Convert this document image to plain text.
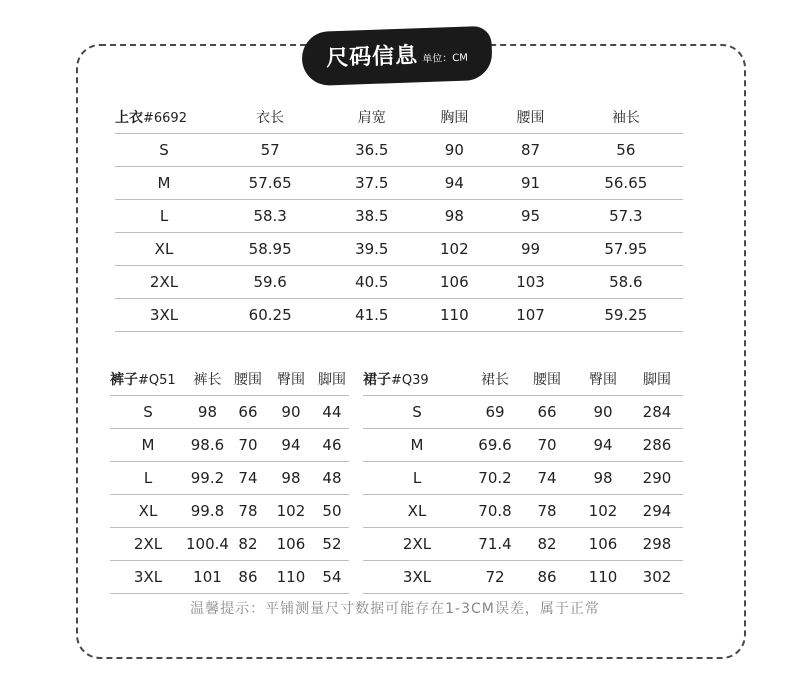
尺码信息 单位：CM
上衣#6692	衣长	肩宽	胸围	腰围	袖长
S	57	36.5	90	87	56
M	57.65	37.5	94	91	56.65
L	58.3	38.5	98	95	57.3
XL	58.95	39.5	102	99	57.95
2XL	59.6	40.5	106	103	58.6
3XL	60.25	41.5	110	107	59.25
裤子#Q51	裤长	腰围	臀围	脚围
S	98	66	90	44
M	98.6	70	94	46
L	99.2	74	98	48
XL	99.8	78	102	50
2XL	100.4	82	106	52
3XL	101	86	110	54
裙子#Q39	裙长	腰围	臀围	脚围
S	69	66	90	284
M	69.6	70	94	286
L	70.2	74	98	290
XL	70.8	78	102	294
2XL	71.4	82	106	298
3XL	72	86	110	302
温馨提示：平铺测量尺寸数据可能存在1-3CM误差，属于正常
